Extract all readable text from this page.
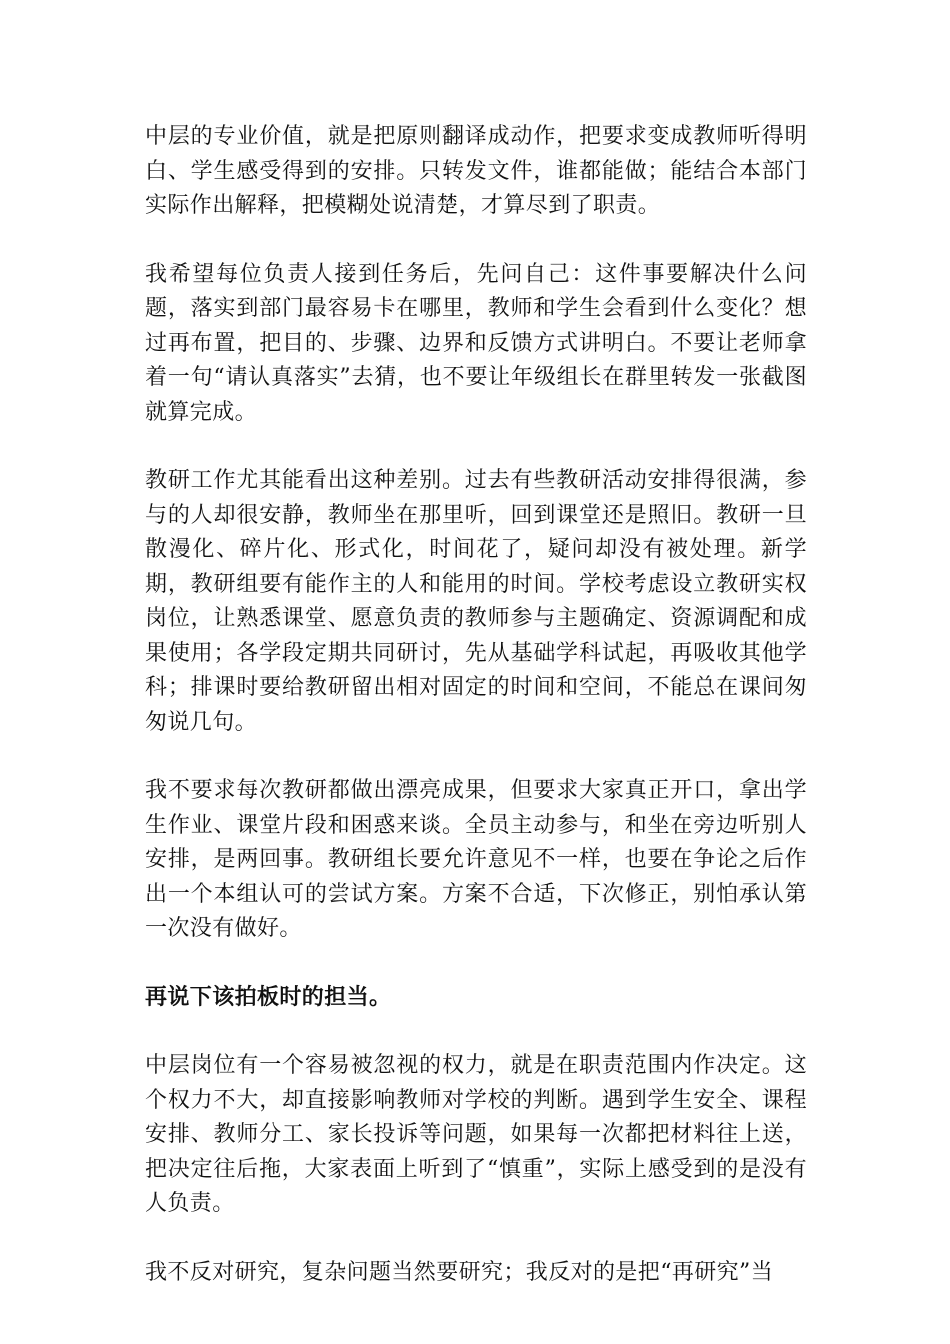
中层的专业价值，就是把原则翻译成动作，把要求变成教师听得明白、学生感受得到的安排。只转发文件，谁都能做；能结合本部门实际作出解释，把模糊处说清楚，才算尽到了职责。

我希望每位负责人接到任务后，先问自己：这件事要解决什么问题，落实到部门最容易卡在哪里，教师和学生会看到什么变化？想过再布置，把目的、步骤、边界和反馈方式讲明白。不要让老师拿着一句“请认真落实”去猜，也不要让年级组长在群里转发一张截图就算完成。

教研工作尤其能看出这种差别。过去有些教研活动安排得很满，参与的人却很安静，教师坐在那里听，回到课堂还是照旧。教研一旦散漫化、碎片化、形式化，时间花了，疑问却没有被处理。新学期，教研组要有能作主的人和能用的时间。学校考虑设立教研实权岗位，让熟悉课堂、愿意负责的教师参与主题确定、资源调配和成果使用；各学段定期共同研讨，先从基础学科试起，再吸收其他学科；排课时要给教研留出相对固定的时间和空间，不能总在课间匆匆说几句。

我不要求每次教研都做出漂亮成果，但要求大家真正开口，拿出学生作业、课堂片段和困惑来谈。全员主动参与，和坐在旁边听别人安排，是两回事。教研组长要允许意见不一样，也要在争论之后作出一个本组认可的尝试方案。方案不合适，下次修正，别怕承认第一次没有做好。

再说下该拍板时的担当。

中层岗位有一个容易被忽视的权力，就是在职责范围内作决定。这个权力不大，却直接影响教师对学校的判断。遇到学生安全、课程安排、教师分工、家长投诉等问题，如果每一次都把材料往上送，把决定往后拖，大家表面上听到了“慎重”，实际上感受到的是没有人负责。

我不反对研究，复杂问题当然要研究；我反对的是把“再研究”当
